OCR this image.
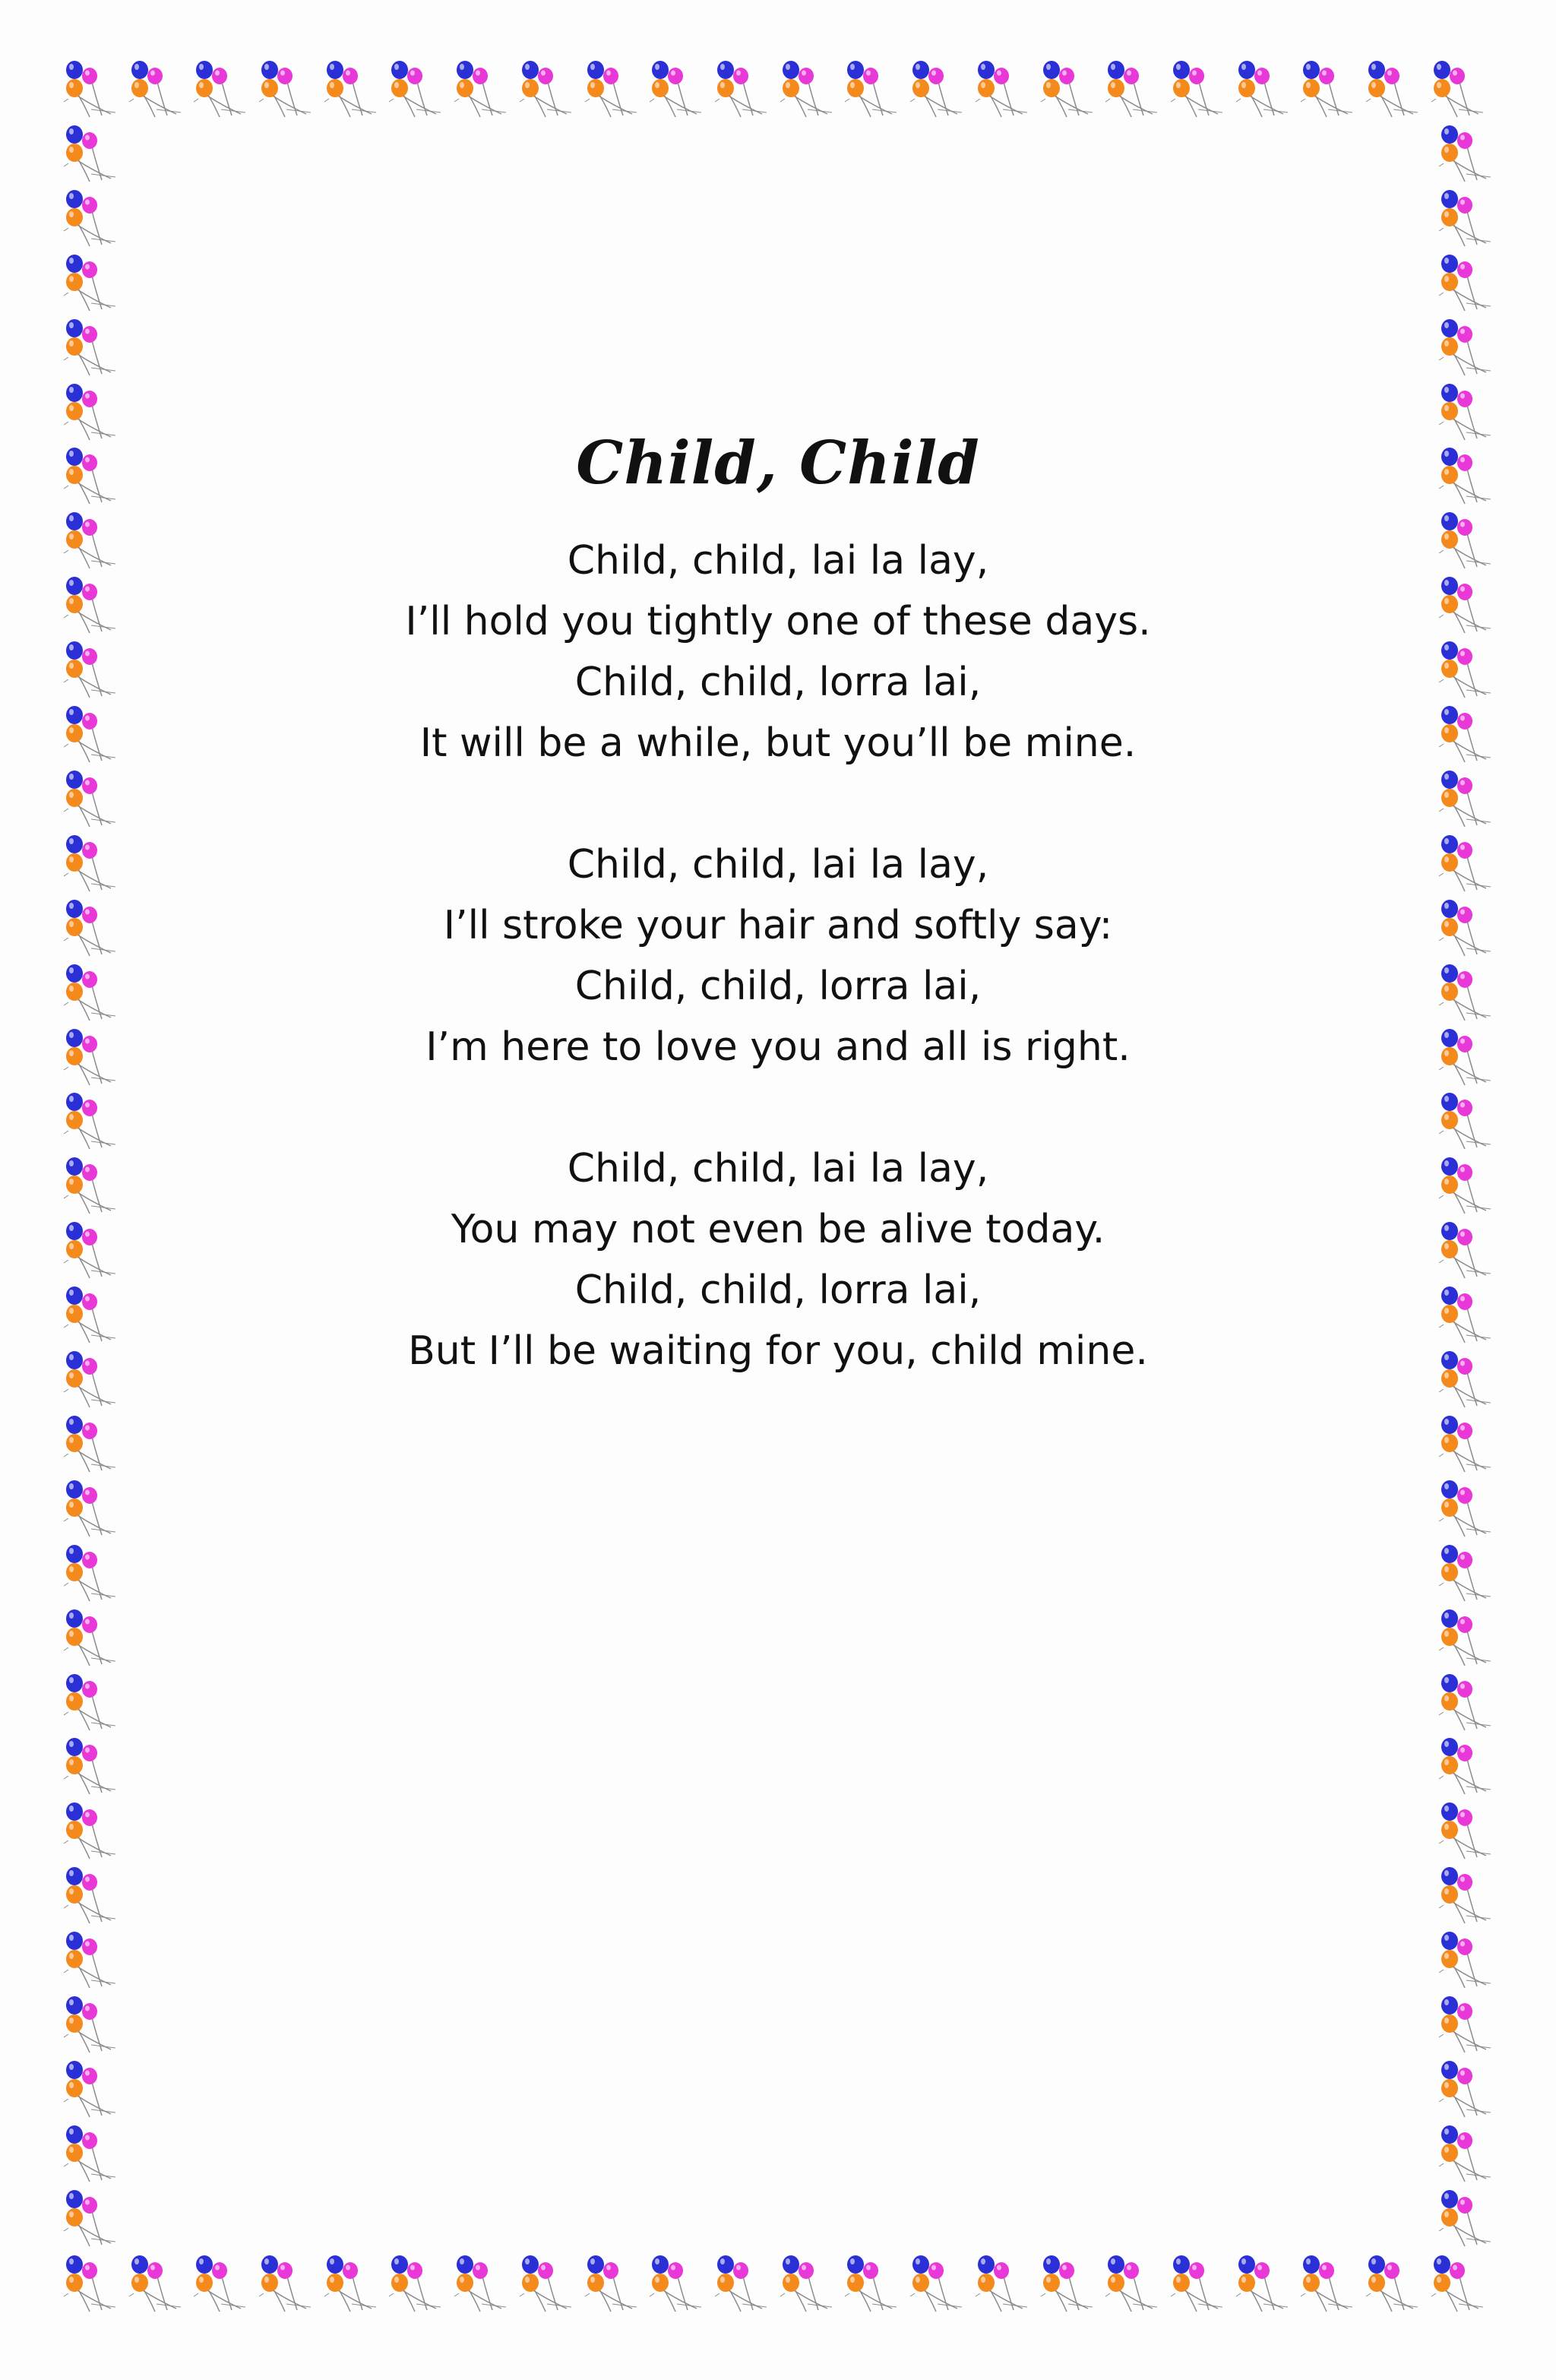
Child, Child
Child, child, lai la lay,
I’ll hold you tightly one of these days.
Child, child, lorra lai,
It will be a while, but you’ll be mine.
Child, child, lai la lay,
I’ll stroke your hair and softly say:
Child, child, lorra lai,
I’m here to love you and all is right.
Child, child, lai la lay,
You may not even be alive today.
Child, child, lorra lai,
But I’ll be waiting for you, child mine.
